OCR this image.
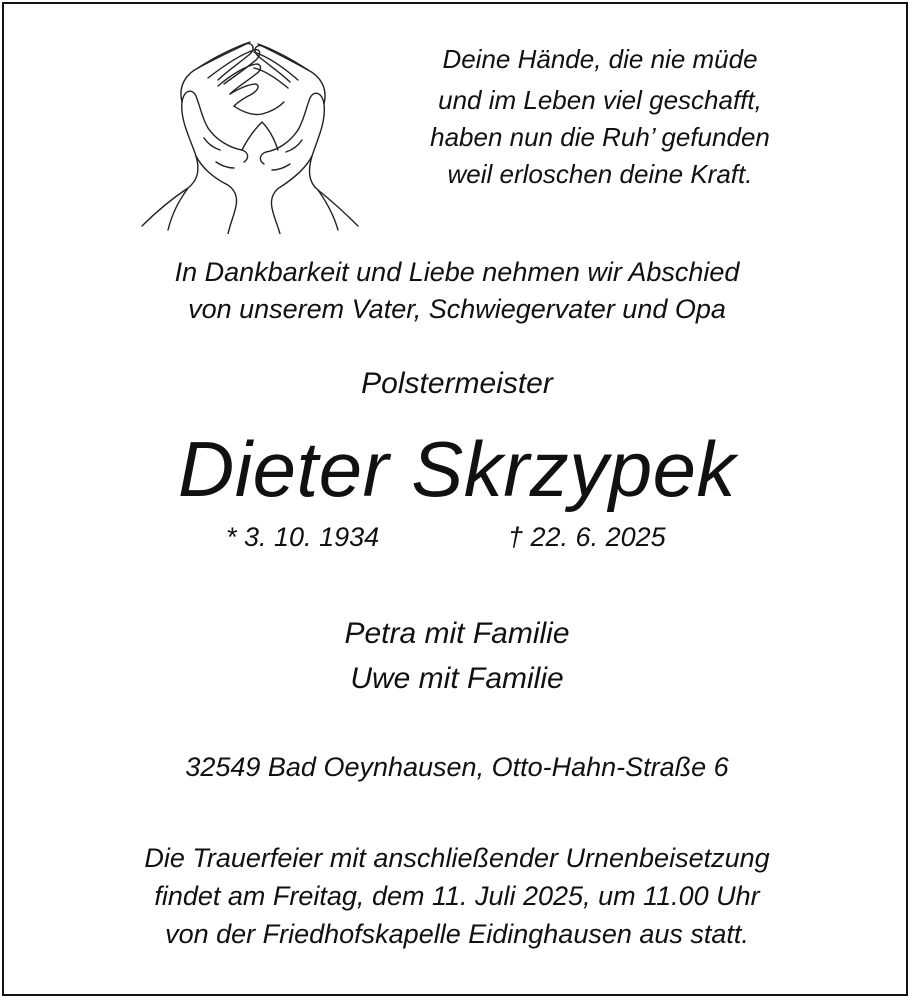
Deine Hände, die nie müde

und im Leben viel geschafft,

haben nun die Ruh’ gefunden

weil erloschen deine Kraft.

In Dankbarkeit und Liebe nehmen wir Abschied

von unserem Vater, Schwiegervater und Opa

Polstermeister

Dieter Skrzypek

* 3. 10. 1934	† 22. 6. 2025

Petra mit Familie

Uwe mit Familie

32549 Bad Oeynhausen, Otto-Hahn-Straße 6

Die Trauerfeier mit anschließender Urnenbeisetzung

findet am Freitag, dem 11. Juli 2025, um 11.00 Uhr

von der Friedhofskapelle Eidinghausen aus statt.
